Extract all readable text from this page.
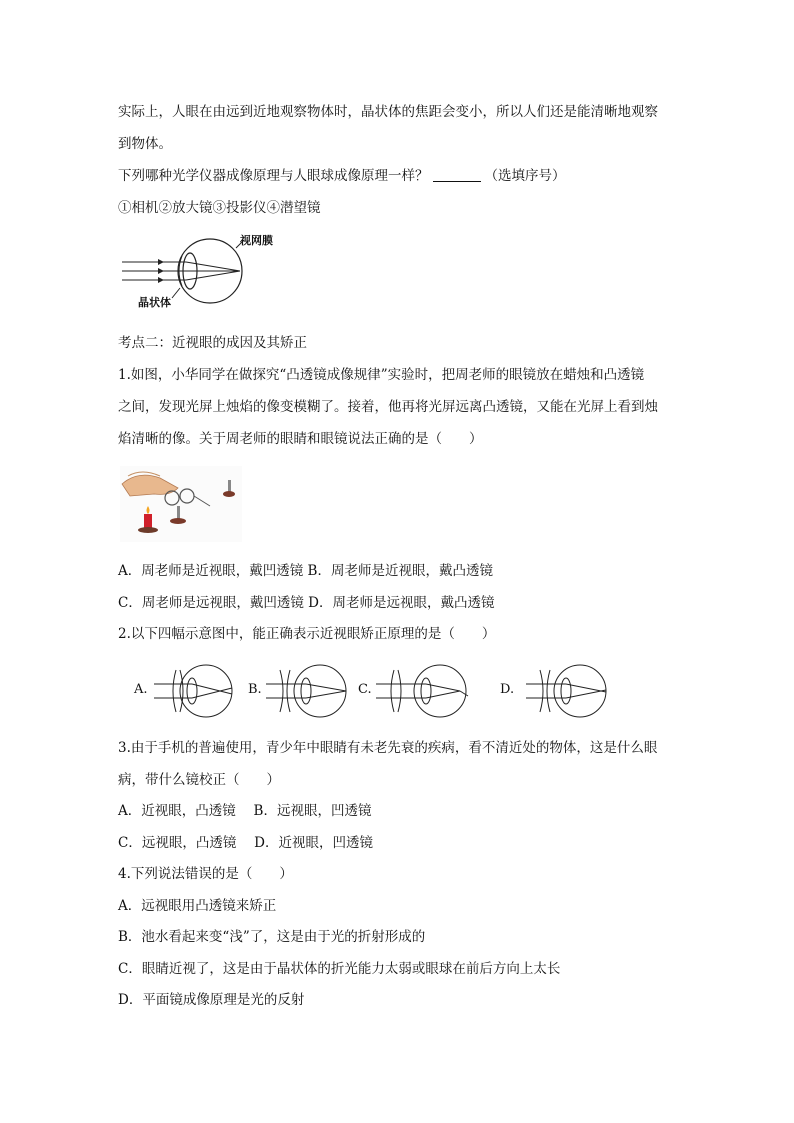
实际上，人眼在由远到近地观察物体时，晶状体的焦距会变小，所以人们还是能清晰地观察
到物体。
下列哪种光学仪器成像原理与人眼球成像原理一样？	（选填序号）
①相机②放大镜③投影仪④潜望镜
视网膜
晶状体
考点二：近视眼的成因及其矫正
1.如图，小华同学在做探究“凸透镜成像规律”实验时，把周老师的眼镜放在蜡烛和凸透镜
之间，发现光屏上烛焰的像变模糊了。接着，他再将光屏远离凸透镜，又能在光屏上看到烛
焰清晰的像。关于周老师的眼睛和眼镜说法正确的是（　　）
A．周老师是近视眼，戴凹透镜 B．周老师是近视眼，戴凸透镜
C．周老师是远视眼，戴凹透镜 D．周老师是远视眼，戴凸透镜
2.以下四幅示意图中，能正确表示近视眼矫正原理的是（　　）
A.	B.	C.	D.
3.由于手机的普遍使用，青少年中眼睛有未老先衰的疾病，看不清近处的物体，这是什么眼
病，带什么镜校正（　　）
A．近视眼，凸透镜　 B．远视眼，凹透镜
C．远视眼，凸透镜　 D．近视眼，凹透镜
4.下列说法错误的是（　　）
A．远视眼用凸透镜来矫正
B．池水看起来变“浅”了，这是由于光的折射形成的
C．眼睛近视了，这是由于晶状体的折光能力太弱或眼球在前后方向上太长
D．平面镜成像原理是光的反射
